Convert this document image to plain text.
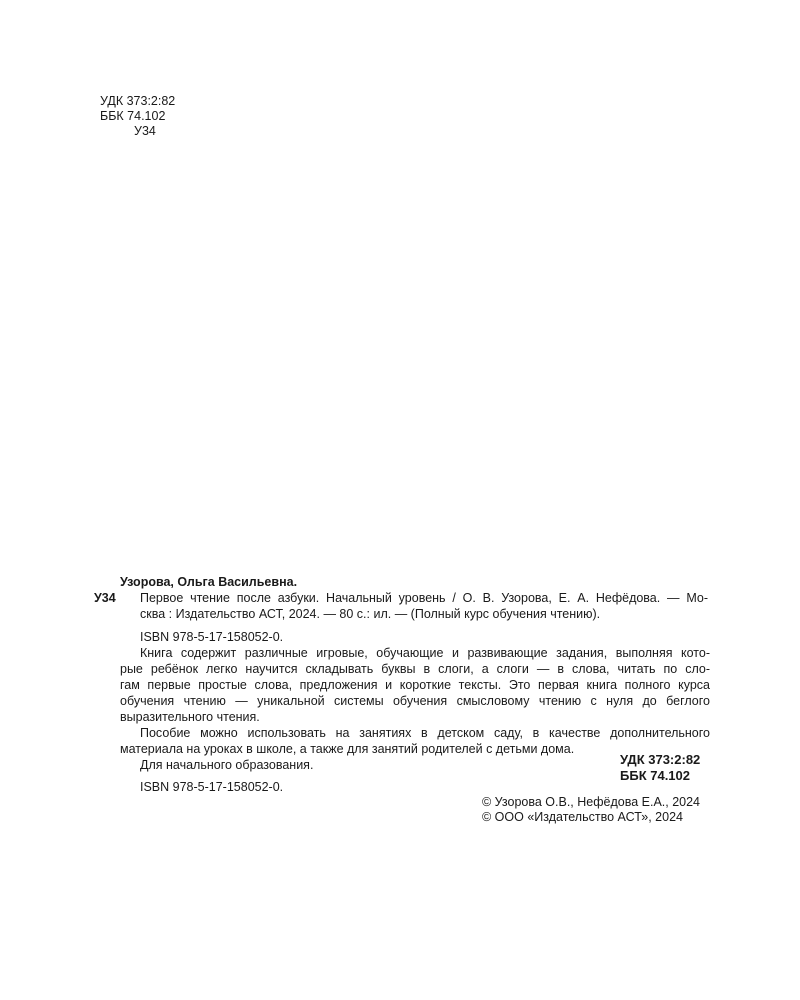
УДК 373:2:82
ББК 74.102
У34
Узорова, Ольга Васильевна.
У34 Первое чтение после азбуки. Начальный уровень / О. В. Узорова, Е. А. Нефёдова. — Мо-
сква : Издательство АСТ, 2024. — 80 с.: ил. — (Полный курс обучения чтению).
ISBN 978-5-17-158052-0.
Книга содержит различные игровые, обучающие и развивающие задания, выполняя кото-
рые ребёнок легко научится складывать буквы в слоги, а слоги — в слова, читать по сло-
гам первые простые слова, предложения и короткие тексты. Это первая книга полного курса
обучения чтению — уникальной системы обучения смысловому чтению с нуля до беглого
выразительного чтения.
Пособие можно использовать на занятиях в детском саду, в качестве дополнительного
материала на уроках в школе, а также для занятий родителей с детьми дома.
Для начального образования.	УДК 373:2:82
ББК 74.102
ISBN 978-5-17-158052-0.
© Узорова О.В., Нефёдова Е.А., 2024
© ООО «Издательство АСТ», 2024
